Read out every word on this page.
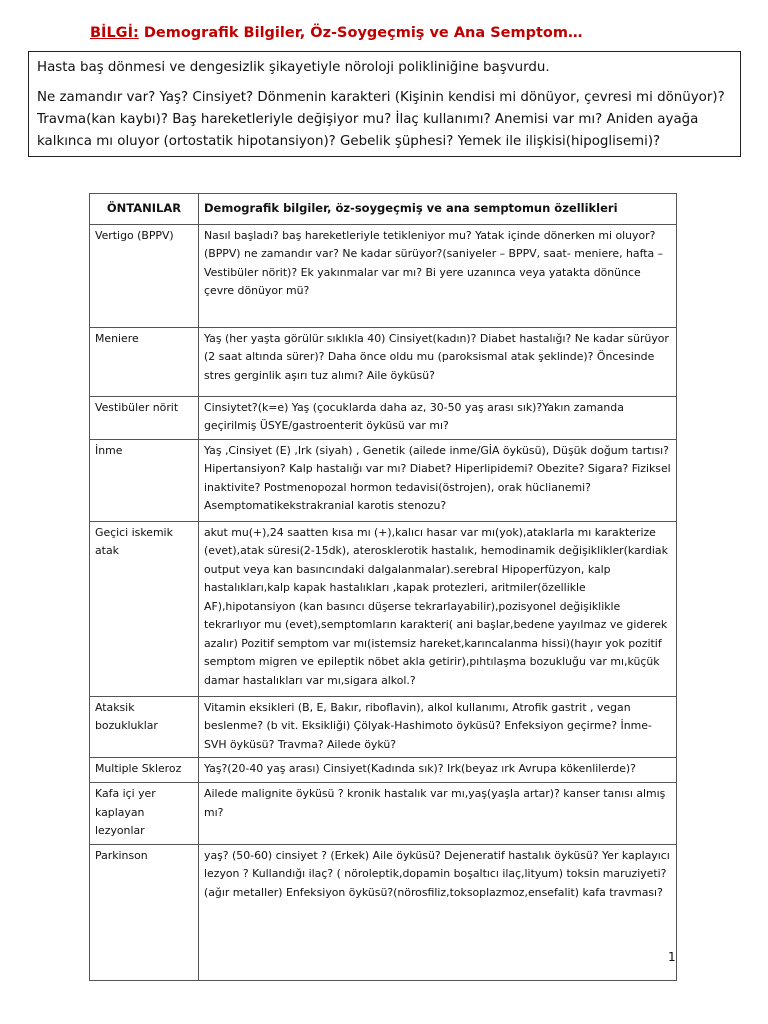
BİLGİ: Demografik Bilgiler, Öz-Soygeçmiş ve Ana Semptom…

Hasta baş dönmesi ve dengesizlik şikayetiyle nöroloji polikliniğine başvurdu.

Ne zamandır var? Yaş? Cinsiyet? Dönmenin karakteri (Kişinin kendisi mi dönüyor, çevresi mi dönüyor)? Travma(kan kaybı)? Baş hareketleriyle değişiyor mu? İlaç kullanımı? Anemisi var mı? Aniden ayağa kalkınca mı oluyor (ortostatik hipotansiyon)? Gebelik şüphesi? Yemek ile ilişkisi(hipoglisemi)?

ÖNTANILAR	Demografik bilgiler, öz-soygeçmiş ve ana semptomun özellikleri
Vertigo (BPPV)	Nasıl başladı? baş hareketleriyle tetikleniyor mu? Yatak içinde dönerken mi oluyor?(BPPV) ne zamandır var? Ne kadar sürüyor?(saniyeler – BPPV, saat- meniere, hafta – Vestibüler nörit)? Ek yakınmalar var mı? Bi yere uzanınca veya yatakta dönünce çevre dönüyor mü?
Meniere	Yaş (her yaşta görülür sıklıkla 40) Cinsiyet(kadın)? Diabet hastalığı? Ne kadar sürüyor (2 saat altında sürer)? Daha önce oldu mu (paroksismal atak şeklinde)? Öncesinde stres gerginlik aşırı tuz alımı? Aile öyküsü?
Vestibüler nörit	Cinsiytet?(k=e) Yaş (çocuklarda daha az, 30-50 yaş arası sık)?Yakın zamanda geçirilmiş ÜSYE/gastroenterit öyküsü var mı?
İnme	Yaş ,Cinsiyet (E) ,Irk (siyah) , Genetik (ailede inme/GİA öyküsü), Düşük doğum tartısı? Hipertansiyon? Kalp hastalığı var mı? Diabet? Hiperlipidemi? Obezite? Sigara? Fiziksel inaktivite? Postmenopozal hormon tedavisi(östrojen), orak hüclianemi?Asemptomatikekstrakranial karotis stenozu?
Geçici iskemik atak	akut mu(+),24 saatten kısa mı (+),kalıcı hasar var mı(yok),ataklarla mı karakterize (evet),atak süresi(2-15dk), aterosklerotik hastalık, hemodinamik değişiklikler(kardiak output veya kan basıncındaki dalgalanmalar).serebral Hipoperfüzyon, kalp hastalıkları,kalp kapak hastalıkları ,kapak protezleri, aritmiler(özellikle AF),hipotansiyon (kan basıncı düşerse tekrarlayabilir),pozisyonel değişiklikle tekrarlıyor mu (evet),semptomların karakteri( ani başlar,bedene yayılmaz ve giderek azalır) Pozitif semptom var mı(istemsiz hareket,karıncalanma hissi)(hayır yok pozitif semptom migren ve epileptik nöbet akla getirir),pıhtılaşma bozukluğu var mı,küçük damar hastalıkları var mı,sigara alkol.?
Ataksik bozukluklar	Vitamin eksikleri (B, E, Bakır, riboflavin), alkol kullanımı, Atrofik gastrit , vegan beslenme? (b vit. Eksikliği) Çölyak-Hashimoto öyküsü? Enfeksiyon geçirme? İnme-SVH öyküsü? Travma? Ailede öykü?
Multiple Skleroz	Yaş?(20-40 yaş arası) Cinsiyet(Kadında sık)? Irk(beyaz ırk Avrupa kökenlilerde)?
Kafa içi yer kaplayan lezyonlar	Ailede malignite öyküsü ? kronik hastalık var mı,yaş(yaşla artar)? kanser tanısı almış mı?
Parkinson	yaş? (50-60) cinsiyet ? (Erkek) Aile öyküsü? Dejeneratif hastalık öyküsü? Yer kaplayıcı lezyon ? Kullandığı ilaç? ( nöroleptik,dopamin boşaltıcı ilaç,lityum) toksin maruziyeti?(ağır metaller) Enfeksiyon öyküsü?(nörosfiliz,toksoplazmoz,ensefalit) kafa travması?
1
